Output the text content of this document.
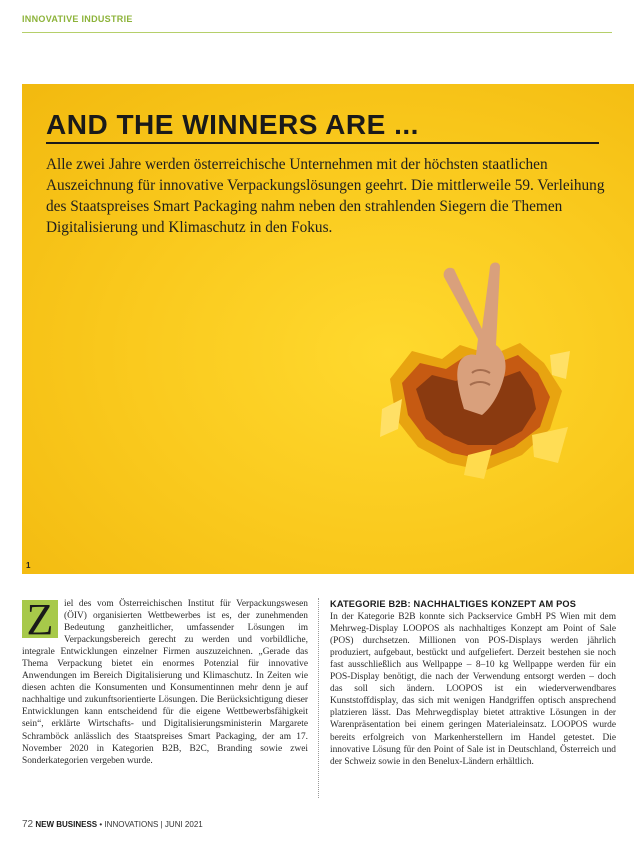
INNOVATIVE INDUSTRIE
AND THE WINNERS ARE ...
Alle zwei Jahre werden österreichische Unternehmen mit der höchsten staatlichen Auszeichnung für innovative Verpackungslösungen geehrt. Die mittlerweile 59. Verleihung des Staatspreises Smart Packaging nahm neben den strahlenden Siegern die Themen Digitalisierung und Klimaschutz in den Fokus.
1
Z	iel des vom Österreichischen Institut für Verpackungswesen (ÖIV) organisierten Wettbewerbes ist es, der zunehmenden Bedeutung ganzheitlicher, umfassender Lösungen im Verpackungsbereich gerecht zu werden und vorbildliche, integrale Entwicklungen einzelner Firmen auszuzeichnen. „Gerade das Thema Verpackung bietet ein enormes Potenzial für innovative Anwendungen im Bereich Digitalisierung und Klimaschutz. In Zeiten wie diesen achten die Konsumenten und Konsumentinnen mehr denn je auf nachhaltige und zukunftsorientierte Lösungen. Die Berücksichtigung dieser Entwicklungen kann entscheidend für die eigene Wettbewerbsfähigkeit sein“, erklärte Wirtschafts- und Digitalisierungsministerin Margarete Schramböck anlässlich des Staatspreises Smart Packaging, der am 17. November 2020 in Kategorien B2B, B2C, Branding sowie zwei Sonderkategorien vergeben wurde.
KATEGORIE B2B: NACHHALTIGES KONZEPT AM POS
In der Kategorie B2B konnte sich Packservice GmbH PS Wien mit dem Mehrweg-Display LOOPOS als nachhaltiges Konzept am Point of Sale (POS) durchsetzen. Millionen von POS-Displays werden jährlich produziert, aufgebaut, bestückt und aufgeliefert. Derzeit bestehen sie noch fast ausschließlich aus Wellpappe – 8–10 kg Wellpappe werden für ein POS-Display benötigt, die nach der Verwendung entsorgt werden – doch das soll sich ändern. LOOPOS ist ein wiederverwendbares Kunststoffdisplay, das sich mit wenigen Handgriffen optisch ansprechend platzieren lässt. Das Mehrwegdisplay bietet attraktive Lösungen in der Warenpräsentation bei einem geringen Materialeinsatz. LOOPOS wurde bereits erfolgreich von Markenherstellern im Handel getestet. Die innovative Lösung für den Point of Sale ist in Deutschland, Österreich und der Schweiz sowie in den Benelux-Ländern erhältlich.
72 NEW BUSINESS • INNOVATIONS | JUNI 2021
